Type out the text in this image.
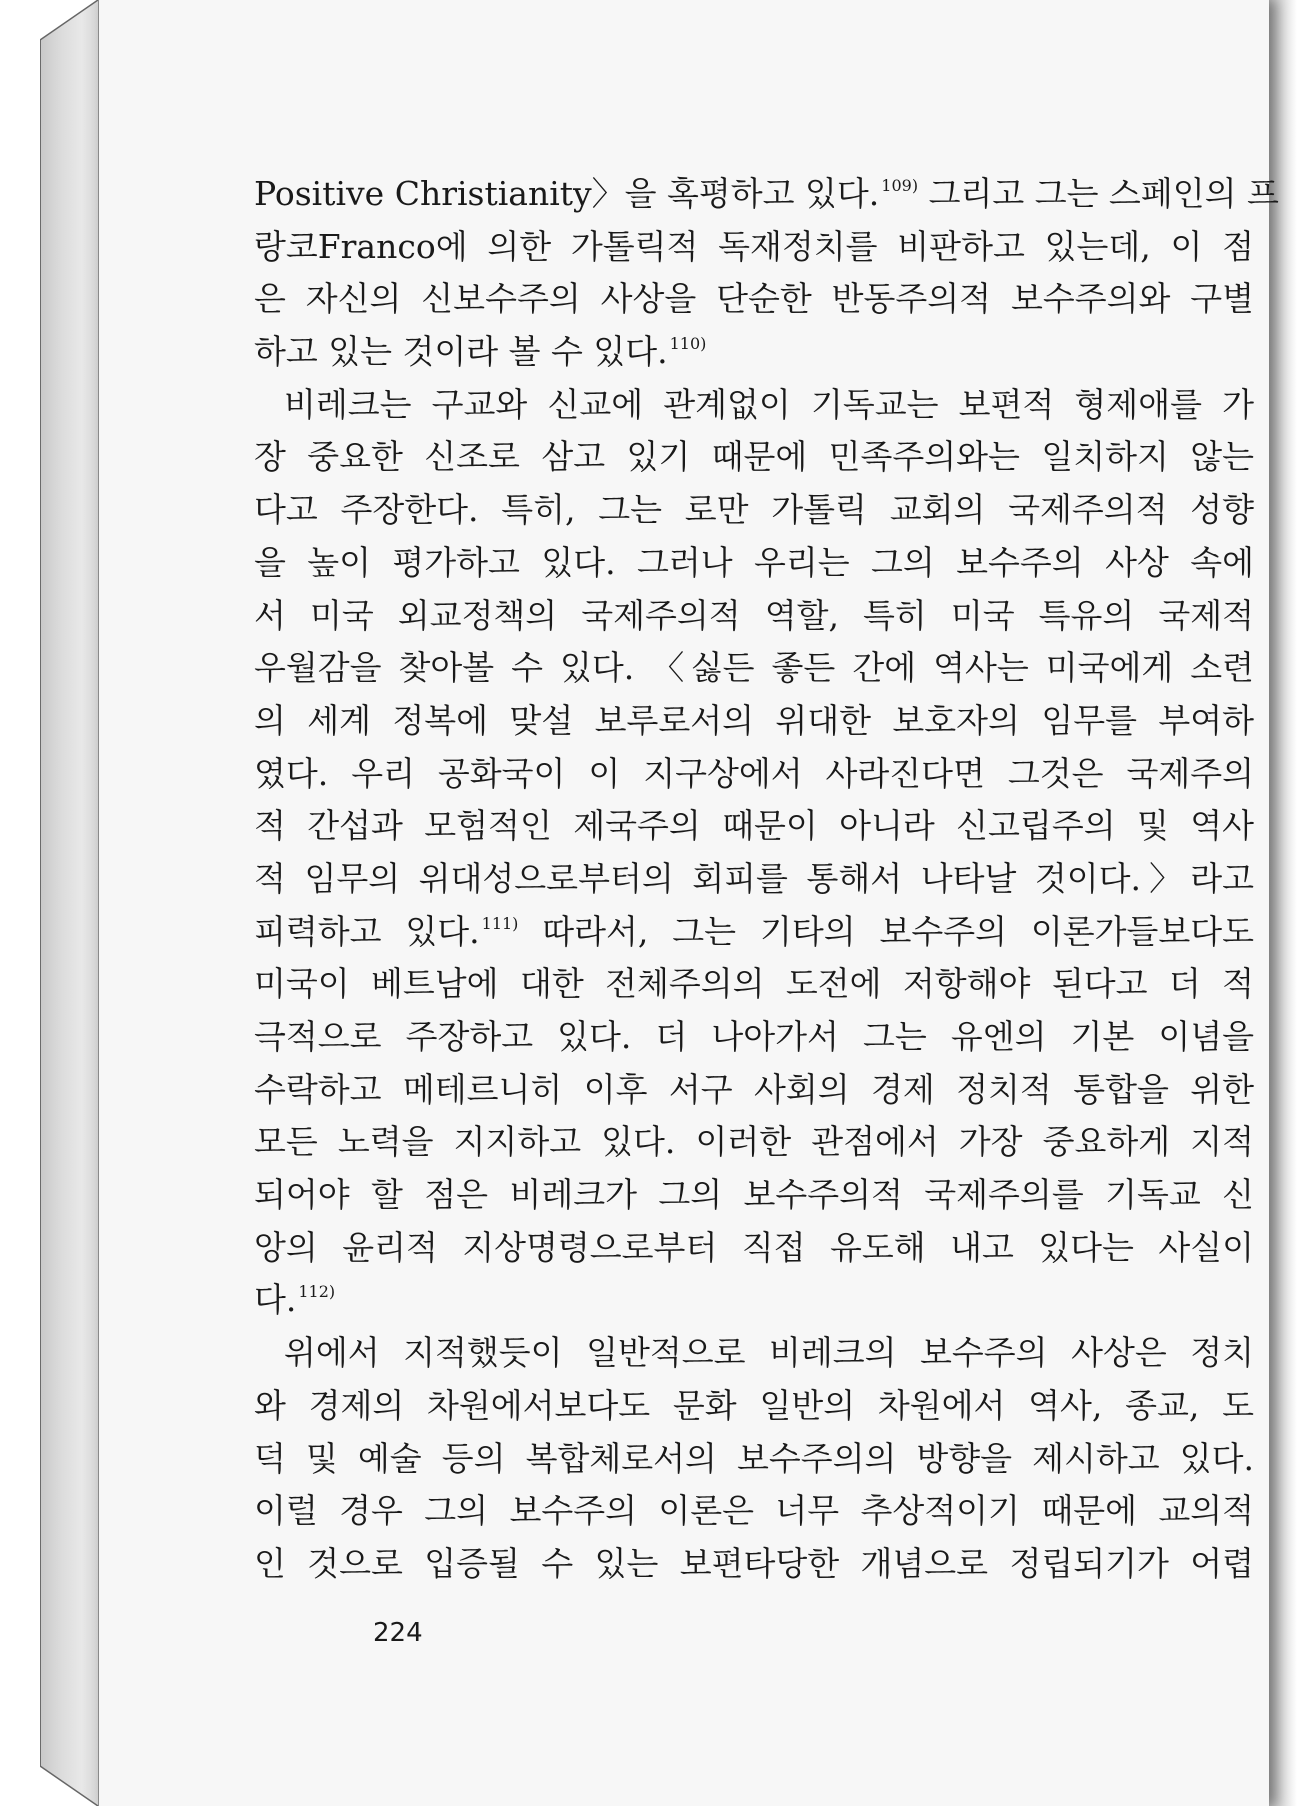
Positive Christianity〉을 혹평하고 있다. $^{109)}$ 그리고 그는 스페인의 프
랑코Franco에 의한 가톨릭적 독재정치를 비판하고 있는데, 이 점
은 자신의 신보수주의 사상을 단순한 반동주의적 보수주의와 구별
하고 있는 것이라 볼 수 있다. $^{110)}$
비레크는 구교와 신교에 관계없이 기독교는 보편적 형제애를 가
장 중요한 신조로 삼고 있기 때문에 민족주의와는 일치하지 않는
다고 주장한다. 특히, 그는 로만 가톨릭 교회의 국제주의적 성향
을 높이 평가하고 있다. 그러나 우리는 그의 보수주의 사상 속에
서 미국 외교정책의 국제주의적 역할, 특히 미국 특유의 국제적
우월감을 찾아볼 수 있다. 〈싫든 좋든 간에 역사는 미국에게 소련
의 세계 정복에 맞설 보루로서의 위대한 보호자의 임무를 부여하
였다. 우리 공화국이 이 지구상에서 사라진다면 그것은 국제주의
적 간섭과 모험적인 제국주의 때문이 아니라 신고립주의 및 역사
적 임무의 위대성으로부터의 회피를 통해서 나타날 것이다.〉라고
피력하고 있다. $^{111)}$ 따라서, 그는 기타의 보수주의 이론가들보다도
미국이 베트남에 대한 전체주의의 도전에 저항해야 된다고 더 적
극적으로 주장하고 있다. 더 나아가서 그는 유엔의 기본 이념을
수락하고 메테르니히 이후 서구 사회의 경제 정치적 통합을 위한
모든 노력을 지지하고 있다. 이러한 관점에서 가장 중요하게 지적
되어야 할 점은 비레크가 그의 보수주의적 국제주의를 기독교 신
앙의 윤리적 지상명령으로부터 직접 유도해 내고 있다는 사실이
다. $^{112)}$
위에서 지적했듯이 일반적으로 비레크의 보수주의 사상은 정치
와 경제의 차원에서보다도 문화 일반의 차원에서 역사, 종교, 도
덕 및 예술 등의 복합체로서의 보수주의의 방향을 제시하고 있다.
이럴 경우 그의 보수주의 이론은 너무 추상적이기 때문에 교의적
인 것으로 입증될 수 있는 보편타당한 개념으로 정립되기가 어렵
224
